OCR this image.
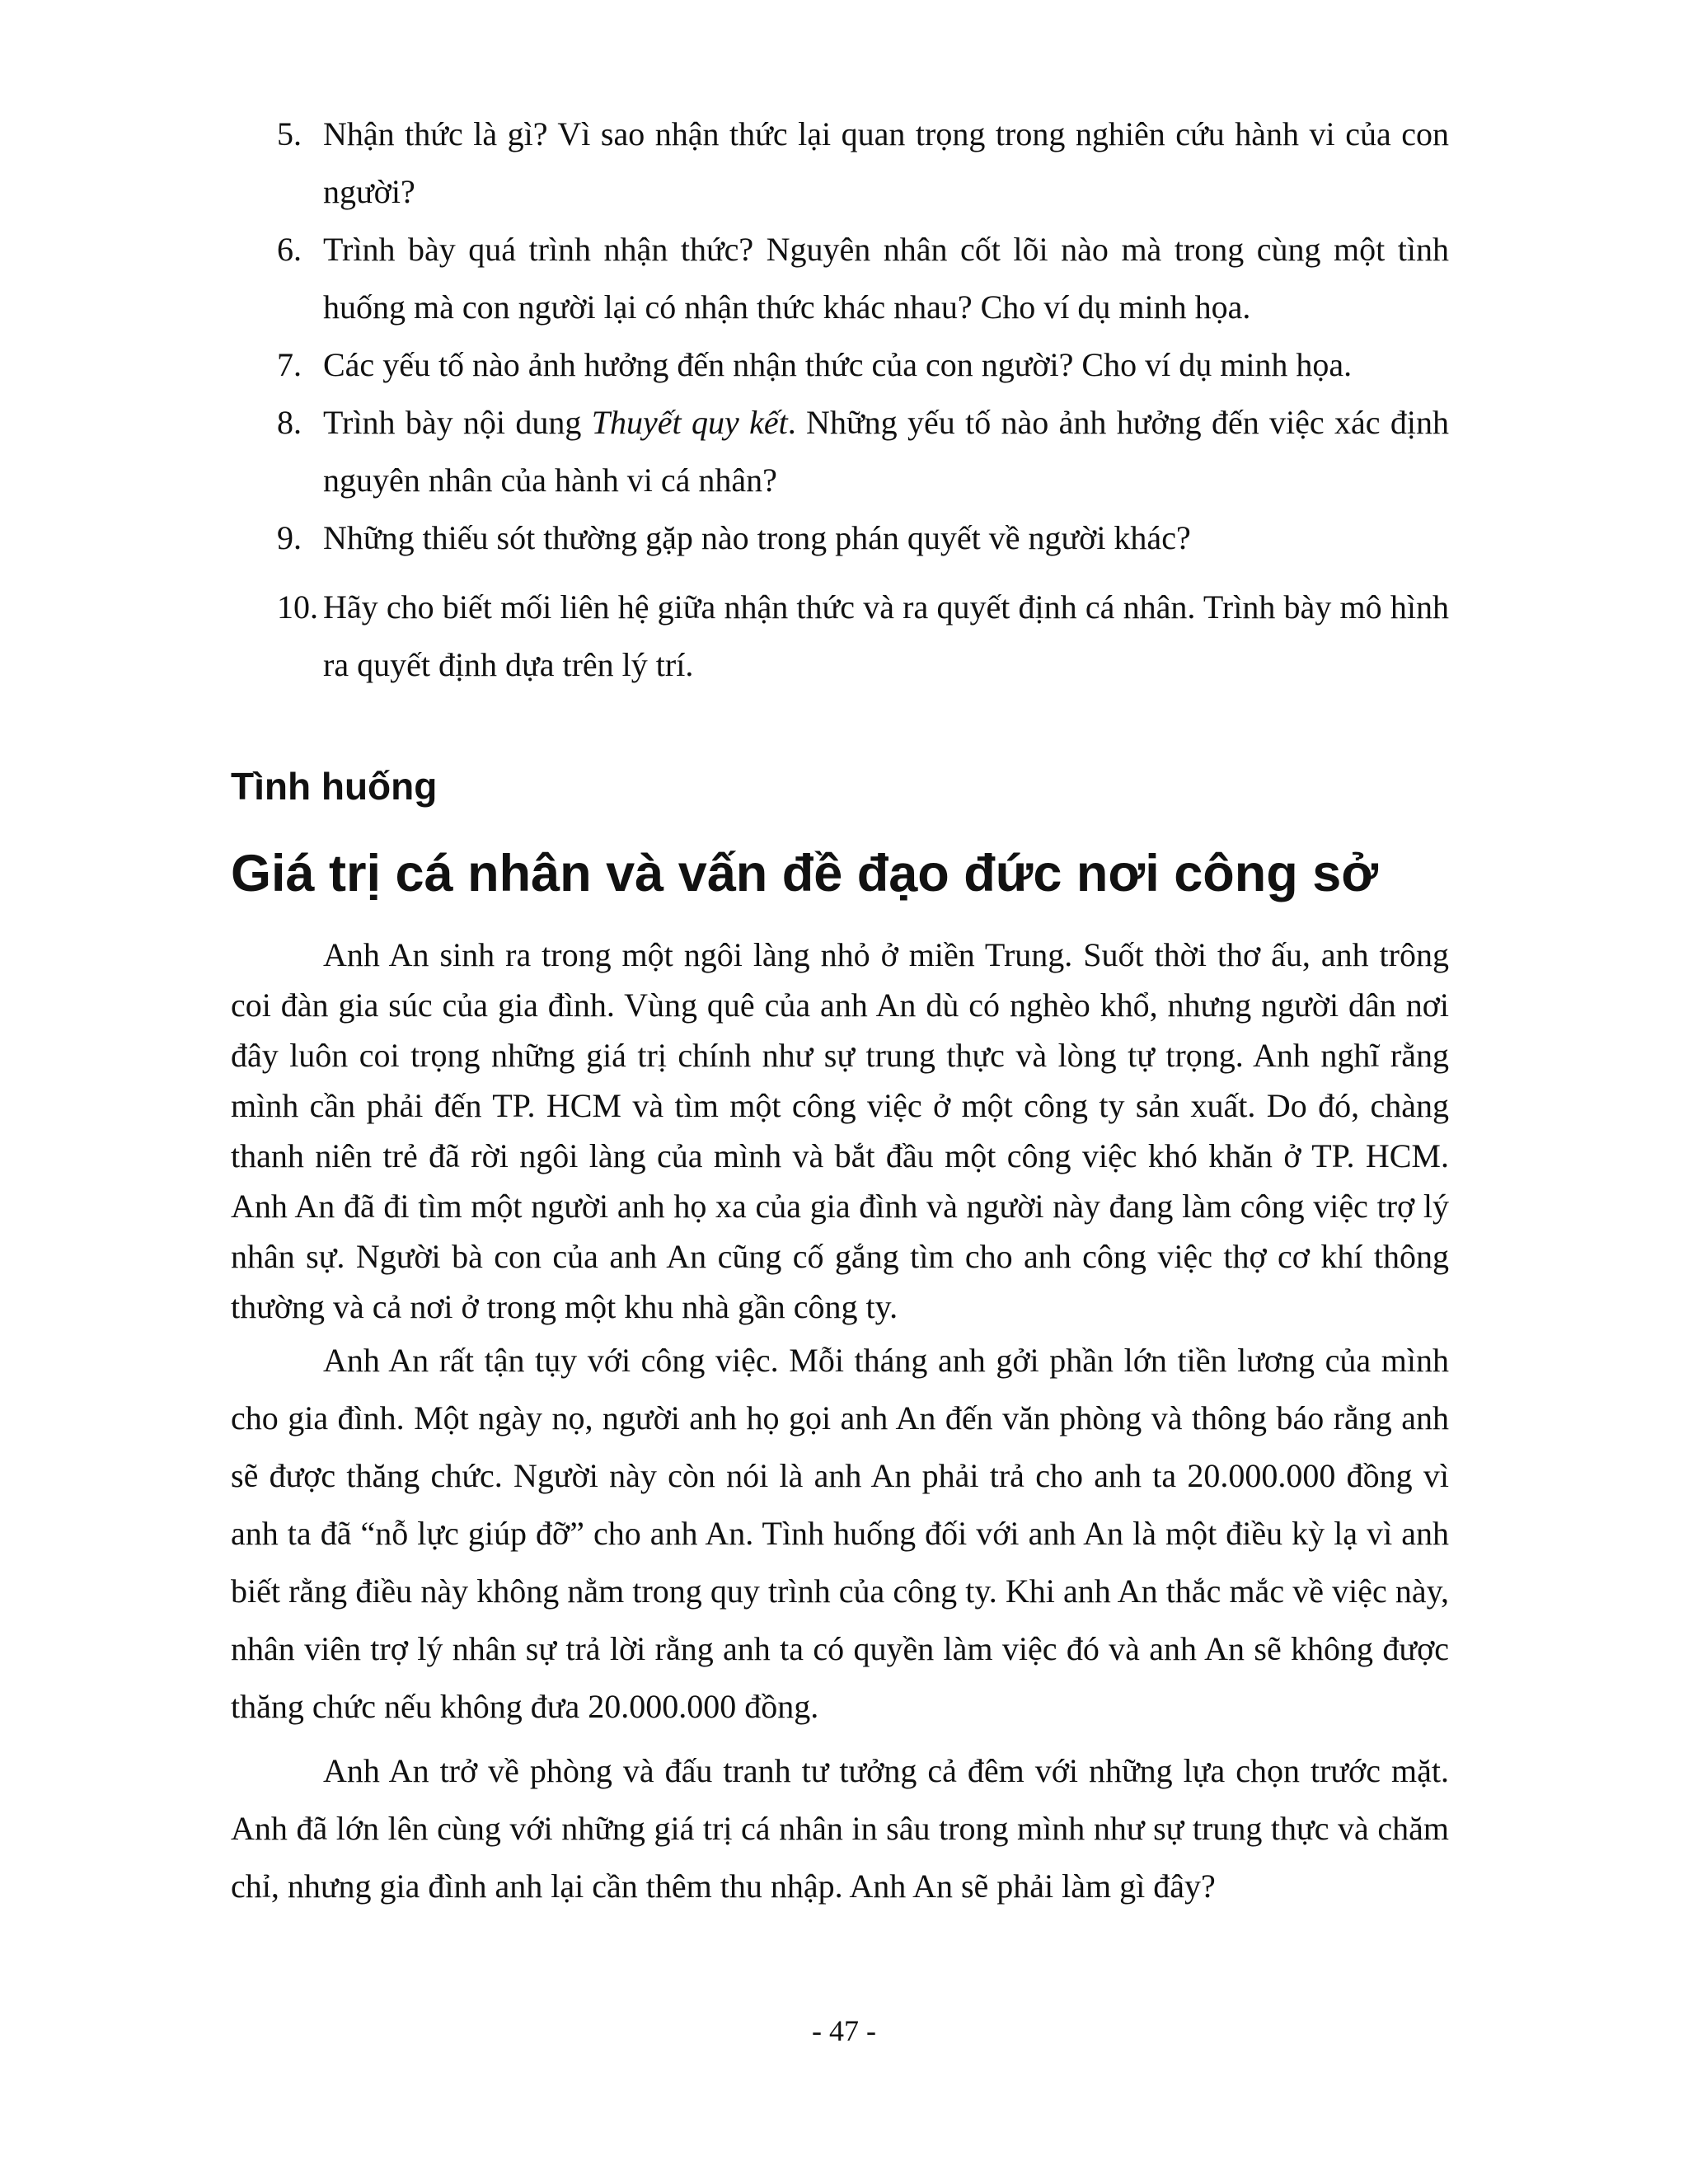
5. Nhận thức là gì? Vì sao nhận thức lại quan trọng trong nghiên cứu hành vi của con người?
6. Trình bày quá trình nhận thức? Nguyên nhân cốt lõi nào mà trong cùng một tình huống mà con người lại có nhận thức khác nhau? Cho ví dụ minh họa.
7. Các yếu tố nào ảnh hưởng đến nhận thức của con người? Cho ví dụ minh họa.
8. Trình bày nội dung Thuyết quy kết. Những yếu tố nào ảnh hưởng đến việc xác định nguyên nhân của hành vi cá nhân?
9. Những thiếu sót thường gặp nào trong phán quyết về người khác?
10. Hãy cho biết mối liên hệ giữa nhận thức và ra quyết định cá nhân. Trình bày mô hình ra quyết định dựa trên lý trí.
Tình huống
Giá trị cá nhân và vấn đề đạo đức nơi công sở

Anh An sinh ra trong một ngôi làng nhỏ ở miền Trung. Suốt thời thơ ấu, anh trông coi đàn gia súc của gia đình. Vùng quê của anh An dù có nghèo khổ, nhưng người dân nơi đây luôn coi trọng những giá trị chính như sự trung thực và lòng tự trọng. Anh nghĩ rằng mình cần phải đến TP. HCM và tìm một công việc ở một công ty sản xuất. Do đó, chàng thanh niên trẻ đã rời ngôi làng của mình và bắt đầu một công việc khó khăn ở TP. HCM. Anh An đã đi tìm một người anh họ xa của gia đình và người này đang làm công việc trợ lý nhân sự. Người bà con của anh An cũng cố gắng tìm cho anh công việc thợ cơ khí thông thường và cả nơi ở trong một khu nhà gần công ty.

Anh An rất tận tụy với công việc. Mỗi tháng anh gởi phần lớn tiền lương của mình cho gia đình. Một ngày nọ, người anh họ gọi anh An đến văn phòng và thông báo rằng anh sẽ được thăng chức. Người này còn nói là anh An phải trả cho anh ta 20.000.000 đồng vì anh ta đã “nỗ lực giúp đỡ” cho anh An. Tình huống đối với anh An là một điều kỳ lạ vì anh biết rằng điều này không nằm trong quy trình của công ty. Khi anh An thắc mắc về việc này, nhân viên trợ lý nhân sự trả lời rằng anh ta có quyền làm việc đó và anh An sẽ không được thăng chức nếu không đưa 20.000.000 đồng.

Anh An trở về phòng và đấu tranh tư tưởng cả đêm với những lựa chọn trước mặt. Anh đã lớn lên cùng với những giá trị cá nhân in sâu trong mình như sự trung thực và chăm chỉ, nhưng gia đình anh lại cần thêm thu nhập. Anh An sẽ phải làm gì đây?

- 47 -
